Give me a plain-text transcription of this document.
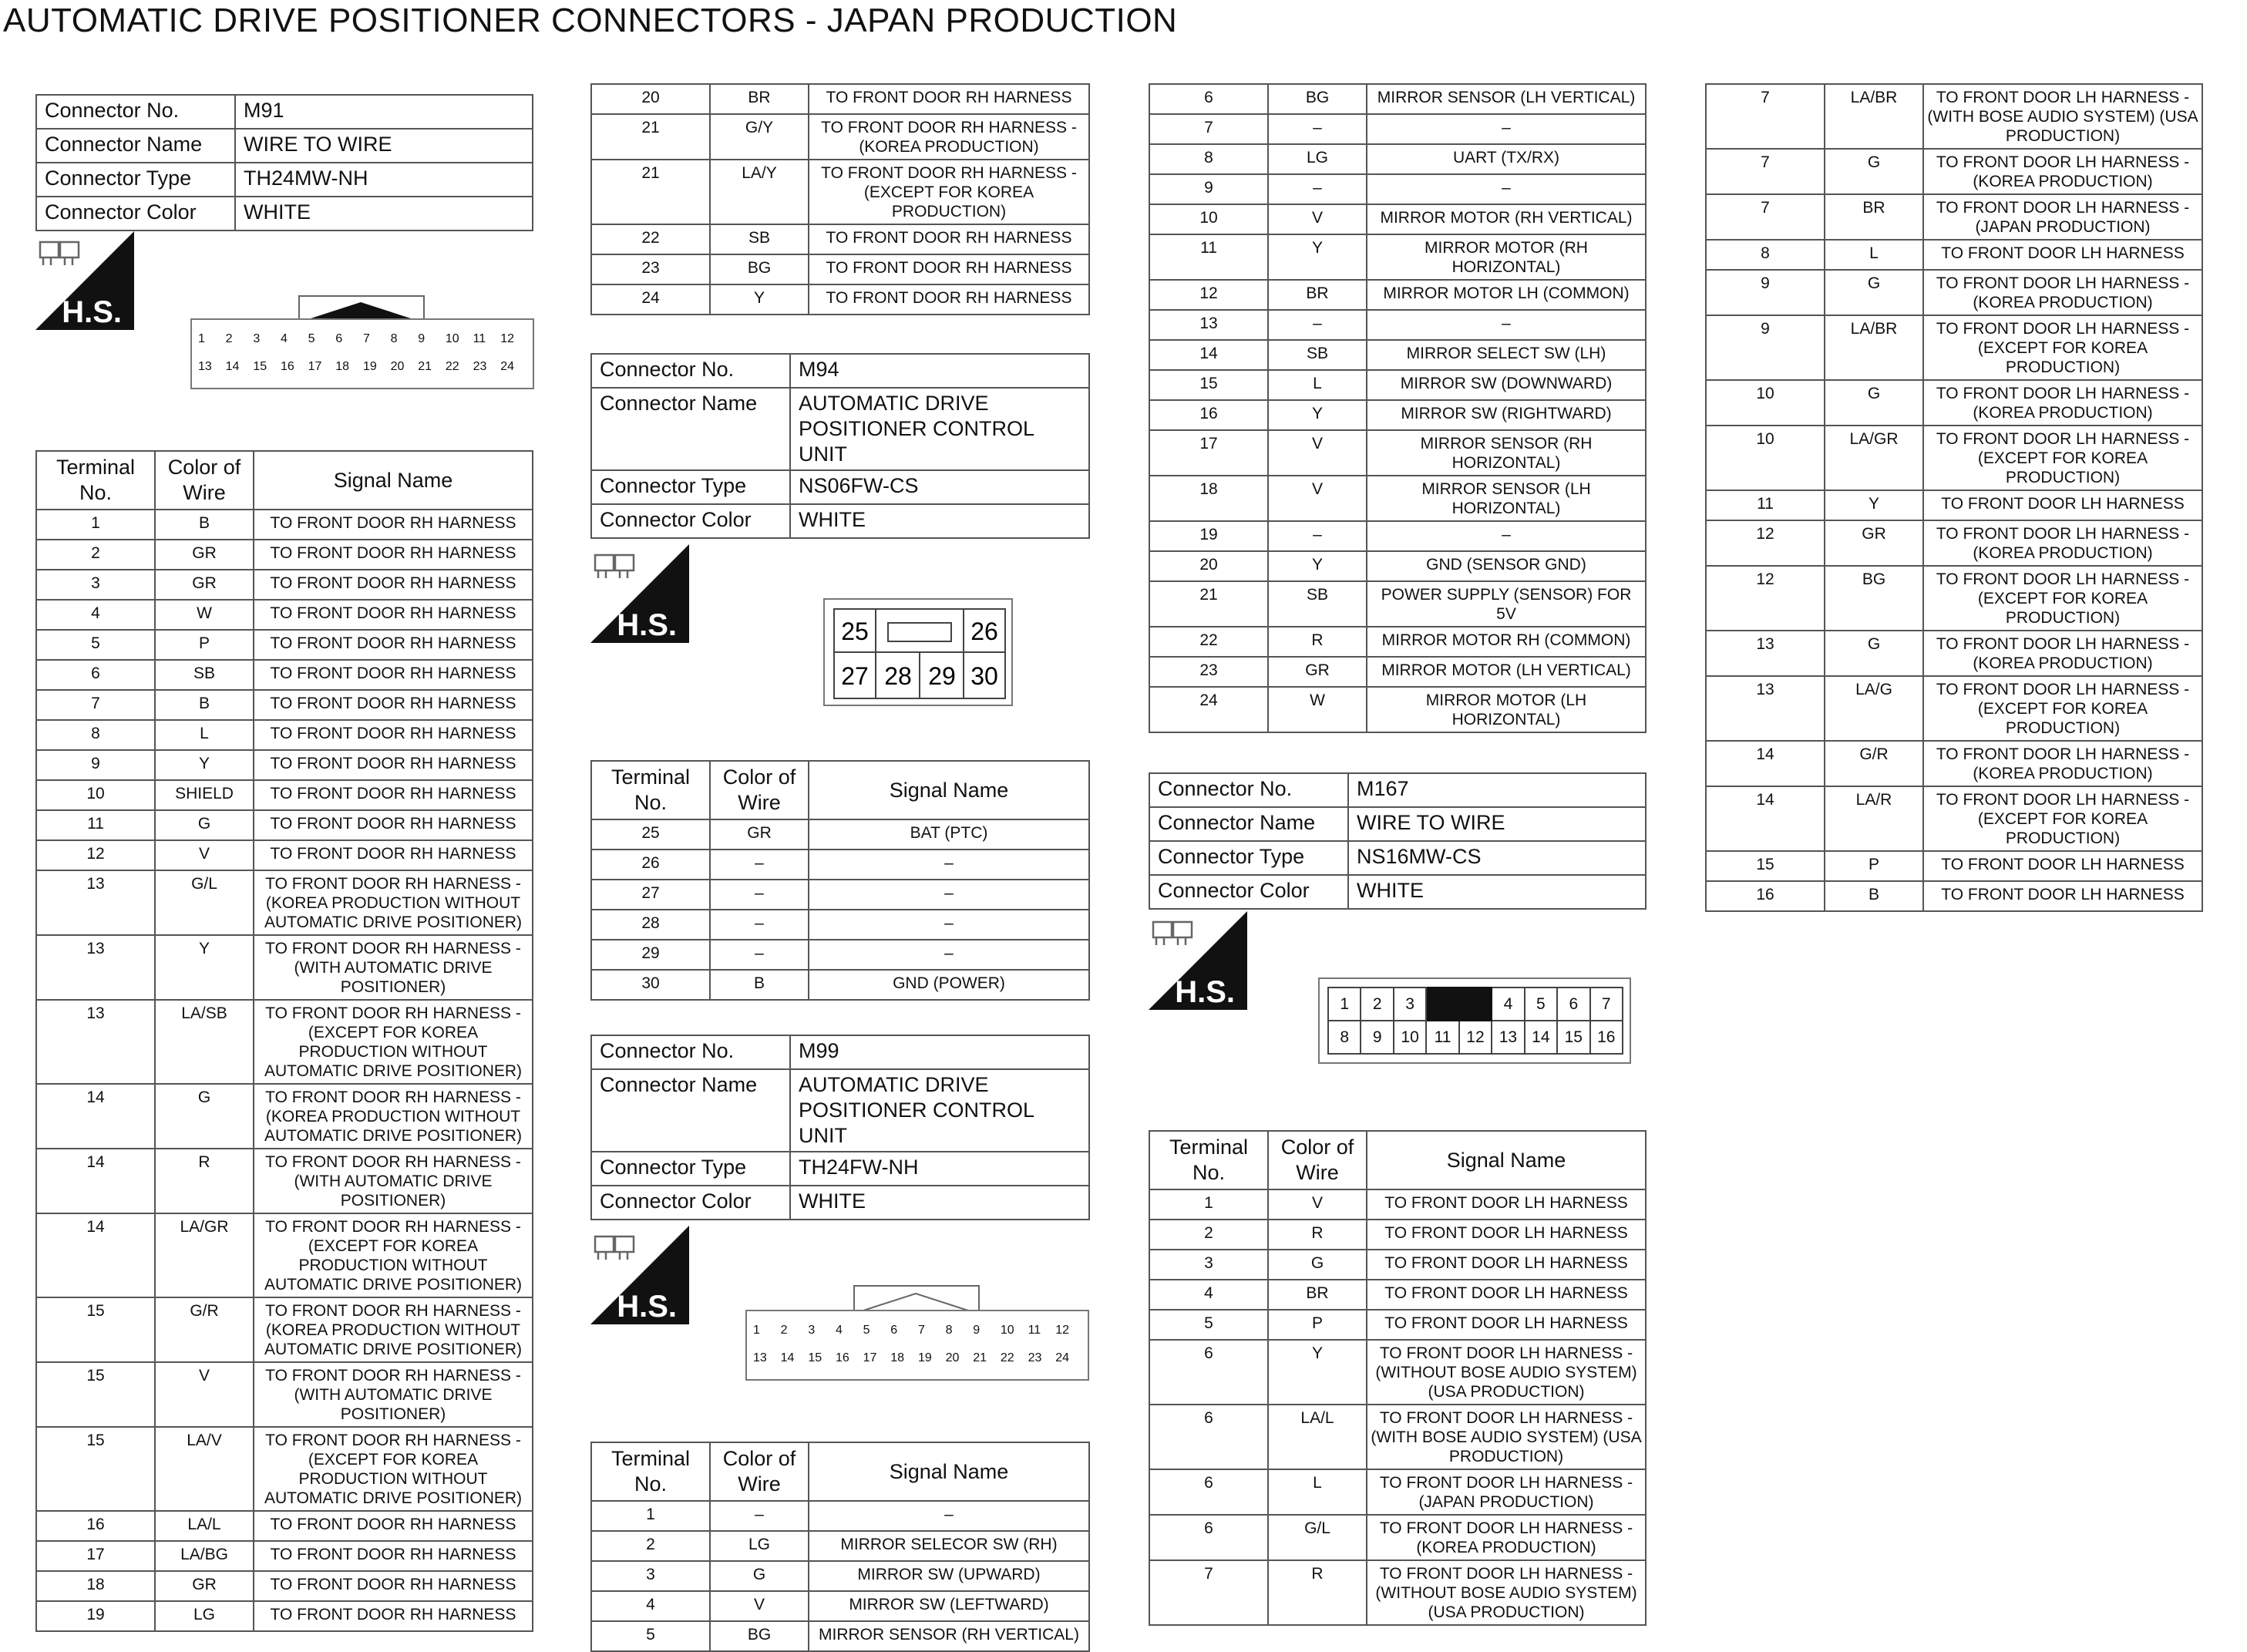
AUTOMATIC DRIVE POSITIONER CONNECTORS - JAPAN PRODUCTION
Connector No.	M91
Connector Name	WIRE TO WIRE
Connector Type	TH24MW-NH
Connector Color	WHITE
H.S.
1	2	3	4	5	6	7	8	9	10	11	12
13	14	15	16	17	18	19	20	21	22	23	24
Terminal No.	Color of Wire	Signal Name
1	B	TO FRONT DOOR RH HARNESS
2	GR	TO FRONT DOOR RH HARNESS
3	GR	TO FRONT DOOR RH HARNESS
4	W	TO FRONT DOOR RH HARNESS
5	P	TO FRONT DOOR RH HARNESS
6	SB	TO FRONT DOOR RH HARNESS
7	B	TO FRONT DOOR RH HARNESS
8	L	TO FRONT DOOR RH HARNESS
9	Y	TO FRONT DOOR RH HARNESS
10	SHIELD	TO FRONT DOOR RH HARNESS
11	G	TO FRONT DOOR RH HARNESS
12	V	TO FRONT DOOR RH HARNESS
13	G/L	TO FRONT DOOR RH HARNESS - (KOREA PRODUCTION WITHOUT AUTOMATIC DRIVE POSITIONER)
13	Y	TO FRONT DOOR RH HARNESS - (WITH AUTOMATIC DRIVE POSITIONER)
13	LA/SB	TO FRONT DOOR RH HARNESS - (EXCEPT FOR KOREA PRODUCTION WITHOUT AUTOMATIC DRIVE POSITIONER)
14	G	TO FRONT DOOR RH HARNESS - (KOREA PRODUCTION WITHOUT AUTOMATIC DRIVE POSITIONER)
14	R	TO FRONT DOOR RH HARNESS - (WITH AUTOMATIC DRIVE POSITIONER)
14	LA/GR	TO FRONT DOOR RH HARNESS - (EXCEPT FOR KOREA PRODUCTION WITHOUT AUTOMATIC DRIVE POSITIONER)
15	G/R	TO FRONT DOOR RH HARNESS - (KOREA PRODUCTION WITHOUT AUTOMATIC DRIVE POSITIONER)
15	V	TO FRONT DOOR RH HARNESS - (WITH AUTOMATIC DRIVE POSITIONER)
15	LA/V	TO FRONT DOOR RH HARNESS - (EXCEPT FOR KOREA PRODUCTION WITHOUT AUTOMATIC DRIVE POSITIONER)
16	LA/L	TO FRONT DOOR RH HARNESS
17	LA/BG	TO FRONT DOOR RH HARNESS
18	GR	TO FRONT DOOR RH HARNESS
19	LG	TO FRONT DOOR RH HARNESS
20	BR	TO FRONT DOOR RH HARNESS
21	G/Y	TO FRONT DOOR RH HARNESS - (KOREA PRODUCTION)
21	LA/Y	TO FRONT DOOR RH HARNESS - (EXCEPT FOR KOREA PRODUCTION)
22	SB	TO FRONT DOOR RH HARNESS
23	BG	TO FRONT DOOR RH HARNESS
24	Y	TO FRONT DOOR RH HARNESS
Connector No.	M94
Connector Name	AUTOMATIC DRIVE POSITIONER CONTROL UNIT
Connector Type	NS06FW-CS
Connector Color	WHITE
H.S.	25	26
27 28 29 30
Terminal No.	Color of Wire	Signal Name
25	GR	BAT (PTC)
26	–	–
27	–	–
28	–	–
29	–	–
30	B	GND (POWER)
Connector No.	M99
Connector Name	AUTOMATIC DRIVE POSITIONER CONTROL UNIT
Connector Type	TH24FW-NH
Connector Color	WHITE
H.S.
1	2	3	4	5	6	7	8	9	10	11	12
13	14	15	16	17	18	19	20	21	22	23	24
Terminal No.	Color of Wire	Signal Name
1	–	–
2	LG	MIRROR SELECOR SW (RH)
3	G	MIRROR SW (UPWARD)
4	V	MIRROR SW (LEFTWARD)
5	BG	MIRROR SENSOR (RH VERTICAL)
6	BG	MIRROR SENSOR (LH VERTICAL)
7	–	–
8	LG	UART (TX/RX)
9	–	–
10	V	MIRROR MOTOR (RH VERTICAL)
11	Y	MIRROR MOTOR (RH HORIZONTAL)
12	BR	MIRROR MOTOR LH (COMMON)
13	–	–
14	SB	MIRROR SELECT SW (LH)
15	L	MIRROR SW (DOWNWARD)
16	Y	MIRROR SW (RIGHTWARD)
17	V	MIRROR SENSOR (RH HORIZONTAL)
18	V	MIRROR SENSOR (LH HORIZONTAL)
19	–	–
20	Y	GND (SENSOR GND)
21	SB	POWER SUPPLY (SENSOR) FOR 5V
22	R	MIRROR MOTOR RH (COMMON)
23	GR	MIRROR MOTOR (LH VERTICAL)
24	W	MIRROR MOTOR (LH HORIZONTAL)
Connector No.	M167
Connector Name	WIRE TO WIRE
Connector Type	NS16MW-CS
Connector Color	WHITE
H.S.	1	2	3			4	5	6	7
8	9	10	11	12	13	14	15	16
Terminal No.	Color of Wire	Signal Name
1	V	TO FRONT DOOR LH HARNESS
2	R	TO FRONT DOOR LH HARNESS
3	G	TO FRONT DOOR LH HARNESS
4	BR	TO FRONT DOOR LH HARNESS
5	P	TO FRONT DOOR LH HARNESS
6	Y	TO FRONT DOOR LH HARNESS - (WITHOUT BOSE AUDIO SYSTEM) (USA PRODUCTION)
6	LA/L	TO FRONT DOOR LH HARNESS - (WITH BOSE AUDIO SYSTEM) (USA PRODUCTION)
6	L	TO FRONT DOOR LH HARNESS - (JAPAN PRODUCTION)
6	G/L	TO FRONT DOOR LH HARNESS - (KOREA PRODUCTION)
7	R	TO FRONT DOOR LH HARNESS - (WITHOUT BOSE AUDIO SYSTEM) (USA PRODUCTION)
7	LA/BR	TO FRONT DOOR LH HARNESS - (WITH BOSE AUDIO SYSTEM) (USA PRODUCTION)
7	G	TO FRONT DOOR LH HARNESS - (KOREA PRODUCTION)
7	BR	TO FRONT DOOR LH HARNESS - (JAPAN PRODUCTION)
8	L	TO FRONT DOOR LH HARNESS
9	G	TO FRONT DOOR LH HARNESS - (KOREA PRODUCTION)
9	LA/BR	TO FRONT DOOR LH HARNESS - (EXCEPT FOR KOREA PRODUCTION)
10	G	TO FRONT DOOR LH HARNESS - (KOREA PRODUCTION)
10	LA/GR	TO FRONT DOOR LH HARNESS - (EXCEPT FOR KOREA PRODUCTION)
11	Y	TO FRONT DOOR LH HARNESS
12	GR	TO FRONT DOOR LH HARNESS - (KOREA PRODUCTION)
12	BG	TO FRONT DOOR LH HARNESS - (EXCEPT FOR KOREA PRODUCTION)
13	G	TO FRONT DOOR LH HARNESS - (KOREA PRODUCTION)
13	LA/G	TO FRONT DOOR LH HARNESS - (EXCEPT FOR KOREA PRODUCTION)
14	G/R	TO FRONT DOOR LH HARNESS - (KOREA PRODUCTION)
14	LA/R	TO FRONT DOOR LH HARNESS - (EXCEPT FOR KOREA PRODUCTION)
15	P	TO FRONT DOOR LH HARNESS
16	B	TO FRONT DOOR LH HARNESS
